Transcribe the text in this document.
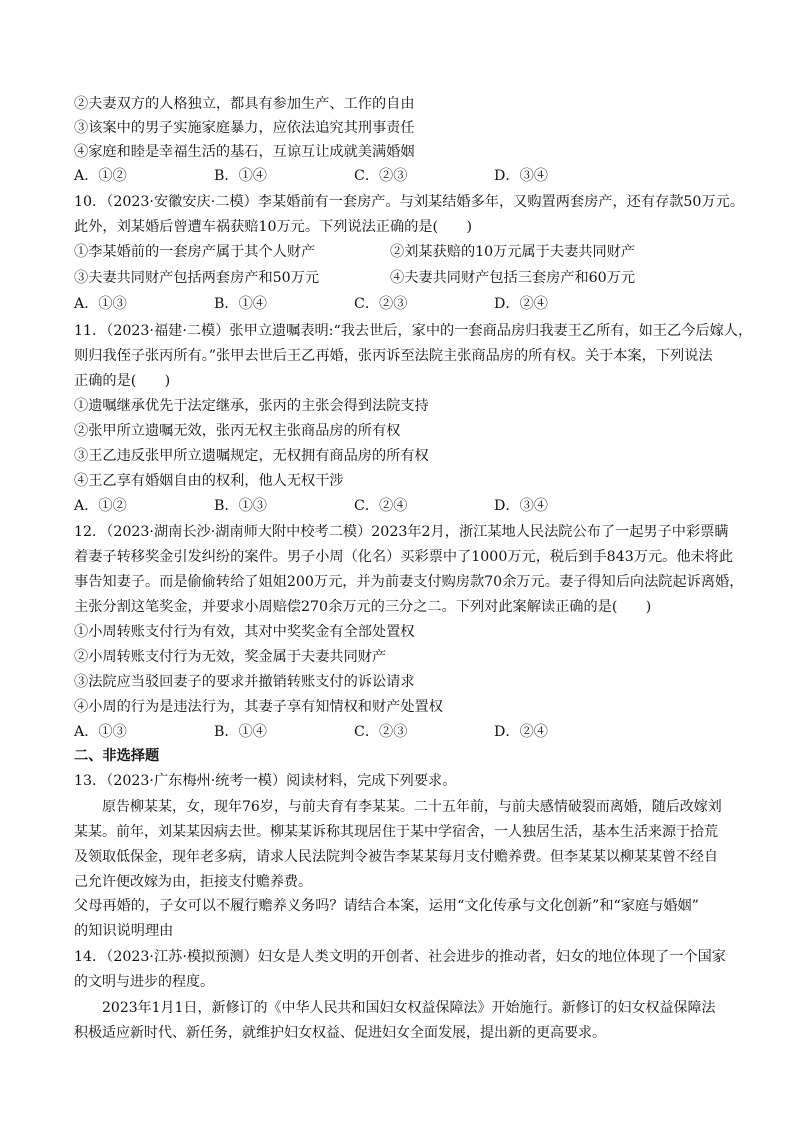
②夫妻双方的人格独立，都具有参加生产、工作的自由
③该案中的男子实施家庭暴力，应依法追究其刑事责任
④家庭和睦是幸福生活的基石，互谅互让成就美满婚姻
A．①②	B．①④	C．②③	D．③④
10．（2023·安徽安庆·二模）李某婚前有一套房产。与刘某结婚多年，又购置两套房产，还有存款50万元。
此外，刘某婚后曾遭车祸获赔10万元。下列说法正确的是(　　)
①李某婚前的一套房产属于其个人财产	②刘某获赔的10万元属于夫妻共同财产
③夫妻共同财产包括两套房产和50万元	④夫妻共同财产包括三套房产和60万元
A．①③	B．①④	C．②③	D．②④
11．（2023·福建·二模）张甲立遗嘱表明:“我去世后，家中的一套商品房归我妻王乙所有，如王乙今后嫁人，
则归我侄子张丙所有。”张甲去世后王乙再婚，张丙诉至法院主张商品房的所有权。关于本案，下列说法
正确的是(　　)
①遗嘱继承优先于法定继承，张丙的主张会得到法院支持
②张甲所立遗嘱无效，张丙无权主张商品房的所有权
③王乙违反张甲所立遗嘱规定，无权拥有商品房的所有权
④王乙享有婚姻自由的权利，他人无权干涉
A．①②	B．①③	C．②④	D．③④
12．（2023·湖南长沙·湖南师大附中校考二模）2023年2月，浙江某地人民法院公布了一起男子中彩票瞒
着妻子转移奖金引发纠纷的案件。男子小周（化名）买彩票中了1000万元，税后到手843万元。他未将此
事告知妻子。而是偷偷转给了姐姐200万元，并为前妻支付购房款70余万元。妻子得知后向法院起诉离婚，
主张分割这笔奖金，并要求小周赔偿270余万元的三分之二。下列对此案解读正确的是(　　)
①小周转账支付行为有效，其对中奖奖金有全部处置权
②小周转账支付行为无效，奖金属于夫妻共同财产
③法院应当驳回妻子的要求并撤销转账支付的诉讼请求
④小周的行为是违法行为，其妻子享有知情权和财产处置权
A．①③	B．①④	C．②③	D．②④
二、非选择题
13．（2023·广东梅州·统考一模）阅读材料，完成下列要求。
原告柳某某，女，现年76岁，与前夫育有李某某。二十五年前，与前夫感情破裂而离婚，随后改嫁刘
某某。前年，刘某某因病去世。柳某某诉称其现居住于某中学宿舍，一人独居生活，基本生活来源于拾荒
及领取低保金，现年老多病，请求人民法院判令被告李某某每月支付赡养费。但李某某以柳某某曾不经自
己允许便改嫁为由，拒接支付赡养费。
父母再婚的，子女可以不履行赡养义务吗？请结合本案，运用“文化传承与文化创新”和“家庭与婚姻”
的知识说明理由
14．（2023·江苏·模拟预测）妇女是人类文明的开创者、社会进步的推动者，妇女的地位体现了一个国家
的文明与进步的程度。
2023年1月1日，新修订的《中华人民共和国妇女权益保障法》开始施行。新修订的妇女权益保障法
积极适应新时代、新任务，就维护妇女权益、促进妇女全面发展，提出新的更高要求。
